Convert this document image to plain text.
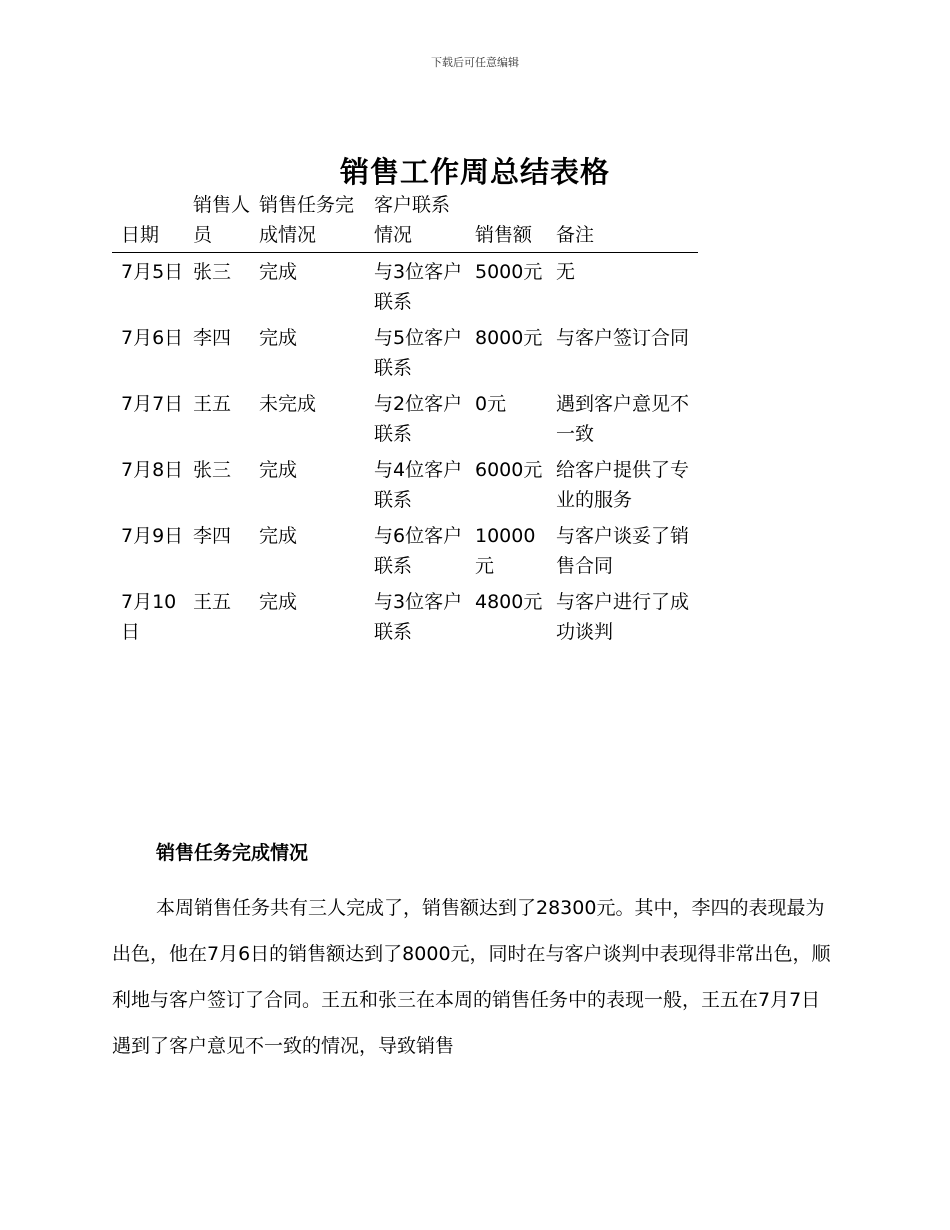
下载后可任意编辑
销售工作周总结表格
日期	销售人员	销售任务完成情况	客户联系情况	销售额	备注
7月5日	张三	完成	与3位客户联系	5000元	无
7月6日	李四	完成	与5位客户联系	8000元	与客户签订合同
7月7日	王五	未完成	与2位客户联系	0元	遇到客户意见不一致
7月8日	张三	完成	与4位客户联系	6000元	给客户提供了专业的服务
7月9日	李四	完成	与6位客户联系	10000元	与客户谈妥了销售合同
7月10日	王五	完成	与3位客户联系	4800元	与客户进行了成功谈判
销售任务完成情况

本周销售任务共有三人完成了，销售额达到了28300元。其中，李四的表现最为出色，他在7月6日的销售额达到了8000元，同时在与客户谈判中表现得非常出色，顺利地与客户签订了合同。王五和张三在本周的销售任务中的表现一般，王五在7月7日遇到了客户意见不一致的情况，导致销售
